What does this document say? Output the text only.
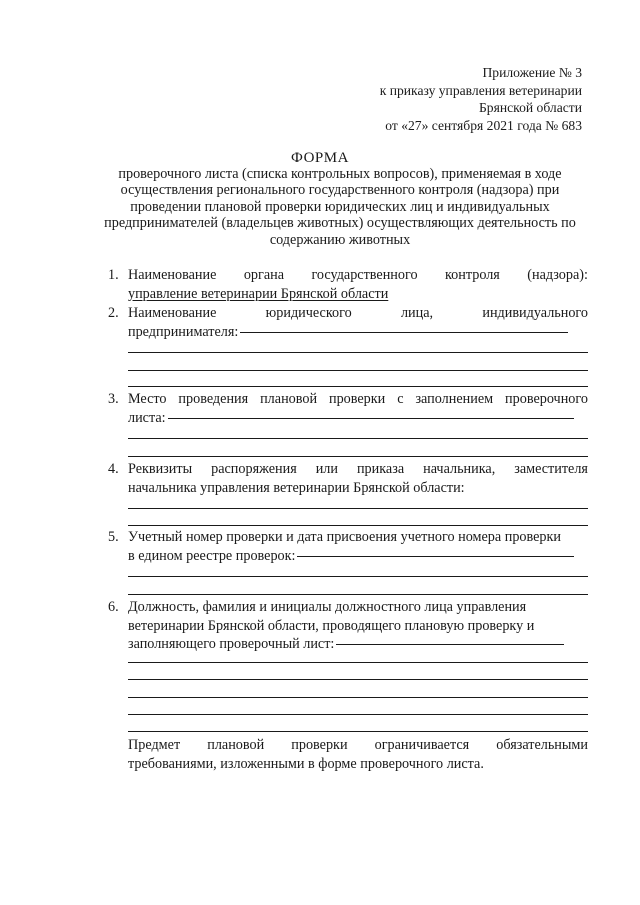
Приложение № 3
к приказу управления ветеринарии
Брянской области
от «27» сентября 2021 года № 683
ФОРМА
проверочного листа (списка контрольных вопросов), применяемая в ходе
осуществления регионального государственного контроля (надзора) при
проведении плановой проверки юридических лиц и индивидуальных
предпринимателей (владельцев животных) осуществляющих деятельность по
содержанию животных
1. Наименование органа государственного контроля (надзора):
управление ветеринарии Брянской области
2. Наименование	юридического	лица,	индивидуального
предпринимателя:
3. Место проведения плановой проверки с заполнением проверочного
листа:
4. Реквизиты распоряжения или приказа начальника, заместителя
начальника управления ветеринарии Брянской области:
5. Учетный номер проверки и дата присвоения учетного номера проверки
в едином реестре проверок:
6. Должность, фамилия и инициалы должностного лица управления
ветеринарии Брянской области, проводящего плановую проверку и
заполняющего проверочный лист:
Предмет плановой проверки ограничивается обязательными
требованиями, изложенными в форме проверочного листа.
